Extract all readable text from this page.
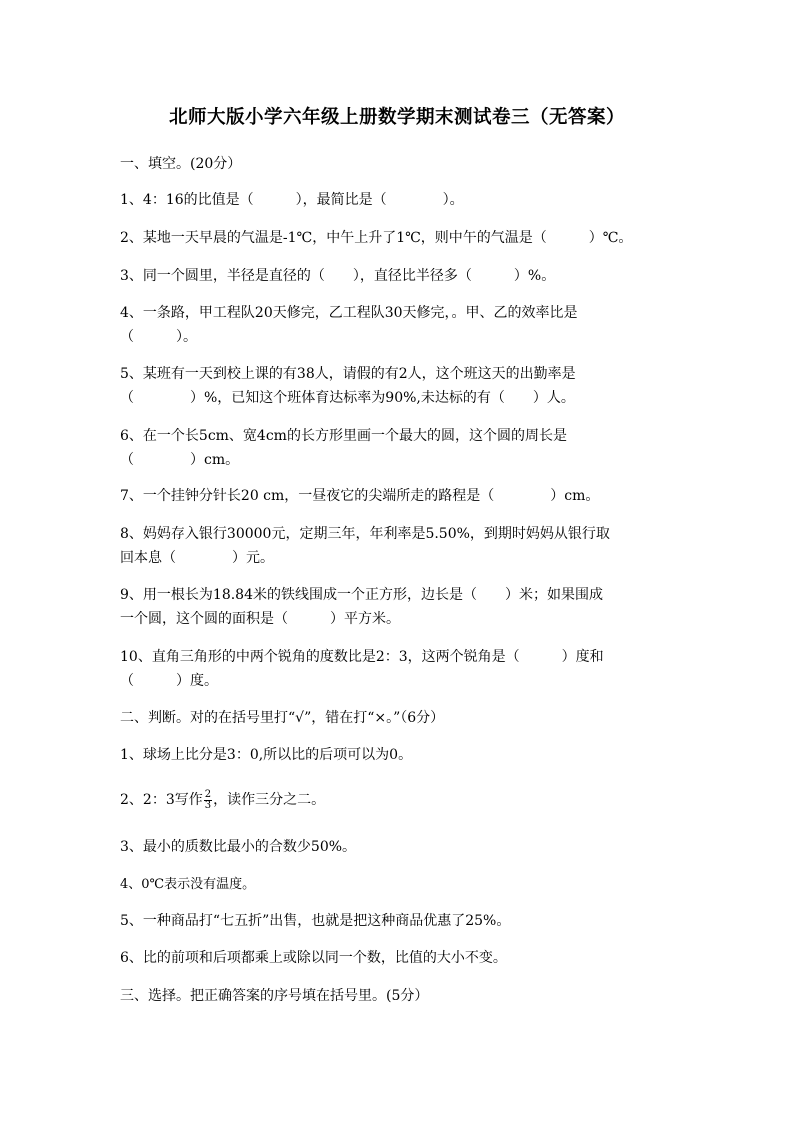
北师大版小学六年级上册数学期末测试卷三（无答案）
一、填空。(20分）
1、4：16的比值是（　　　），最简比是（　　　　）。
2、某地一天早晨的气温是-1℃，中午上升了1℃，则中午的气温是（　　　）℃。
3、同一个圆里，半径是直径的（　　），直径比半径多（　　　）%。
4、一条路，甲工程队20天修完，乙工程队30天修完，。甲、乙的效率比是
（　　　）。
5、某班有一天到校上课的有38人，请假的有2人，这个班这天的出勤率是
（　　　　）%，已知这个班体育达标率为90%,未达标的有（　　）人。
6、在一个长5cm、宽4cm的长方形里画一个最大的圆，这个圆的周长是
（　　　　）cm。
7、一个挂钟分针长20 cm，一昼夜它的尖端所走的路程是（　　　　）cm。
8、妈妈存入银行30000元，定期三年，年利率是5.50%，到期时妈妈从银行取
回本息（　　　　）元。
9、用一根长为18.84米的铁线围成一个正方形，边长是（　　）米；如果围成
一个圆，这个圆的面积是（　　　）平方米。
10、直角三角形的中两个锐角的度数比是2：3，这两个锐角是（　　　）度和
（　　　）度。
二、判断。对的在括号里打“√”，错在打“×。”（6分）
1、球场上比分是3：0,所以比的后项可以为0。
2、2：3写作 $\frac{2}{3}$ ，读作三分之二。
3、最小的质数比最小的合数少50%。
4、0℃表示没有温度。
5、一种商品打“七五折”出售，也就是把这种商品优惠了25%。
6、比的前项和后项都乘上或除以同一个数，比值的大小不变。
三、选择。把正确答案的序号填在括号里。(5分）
